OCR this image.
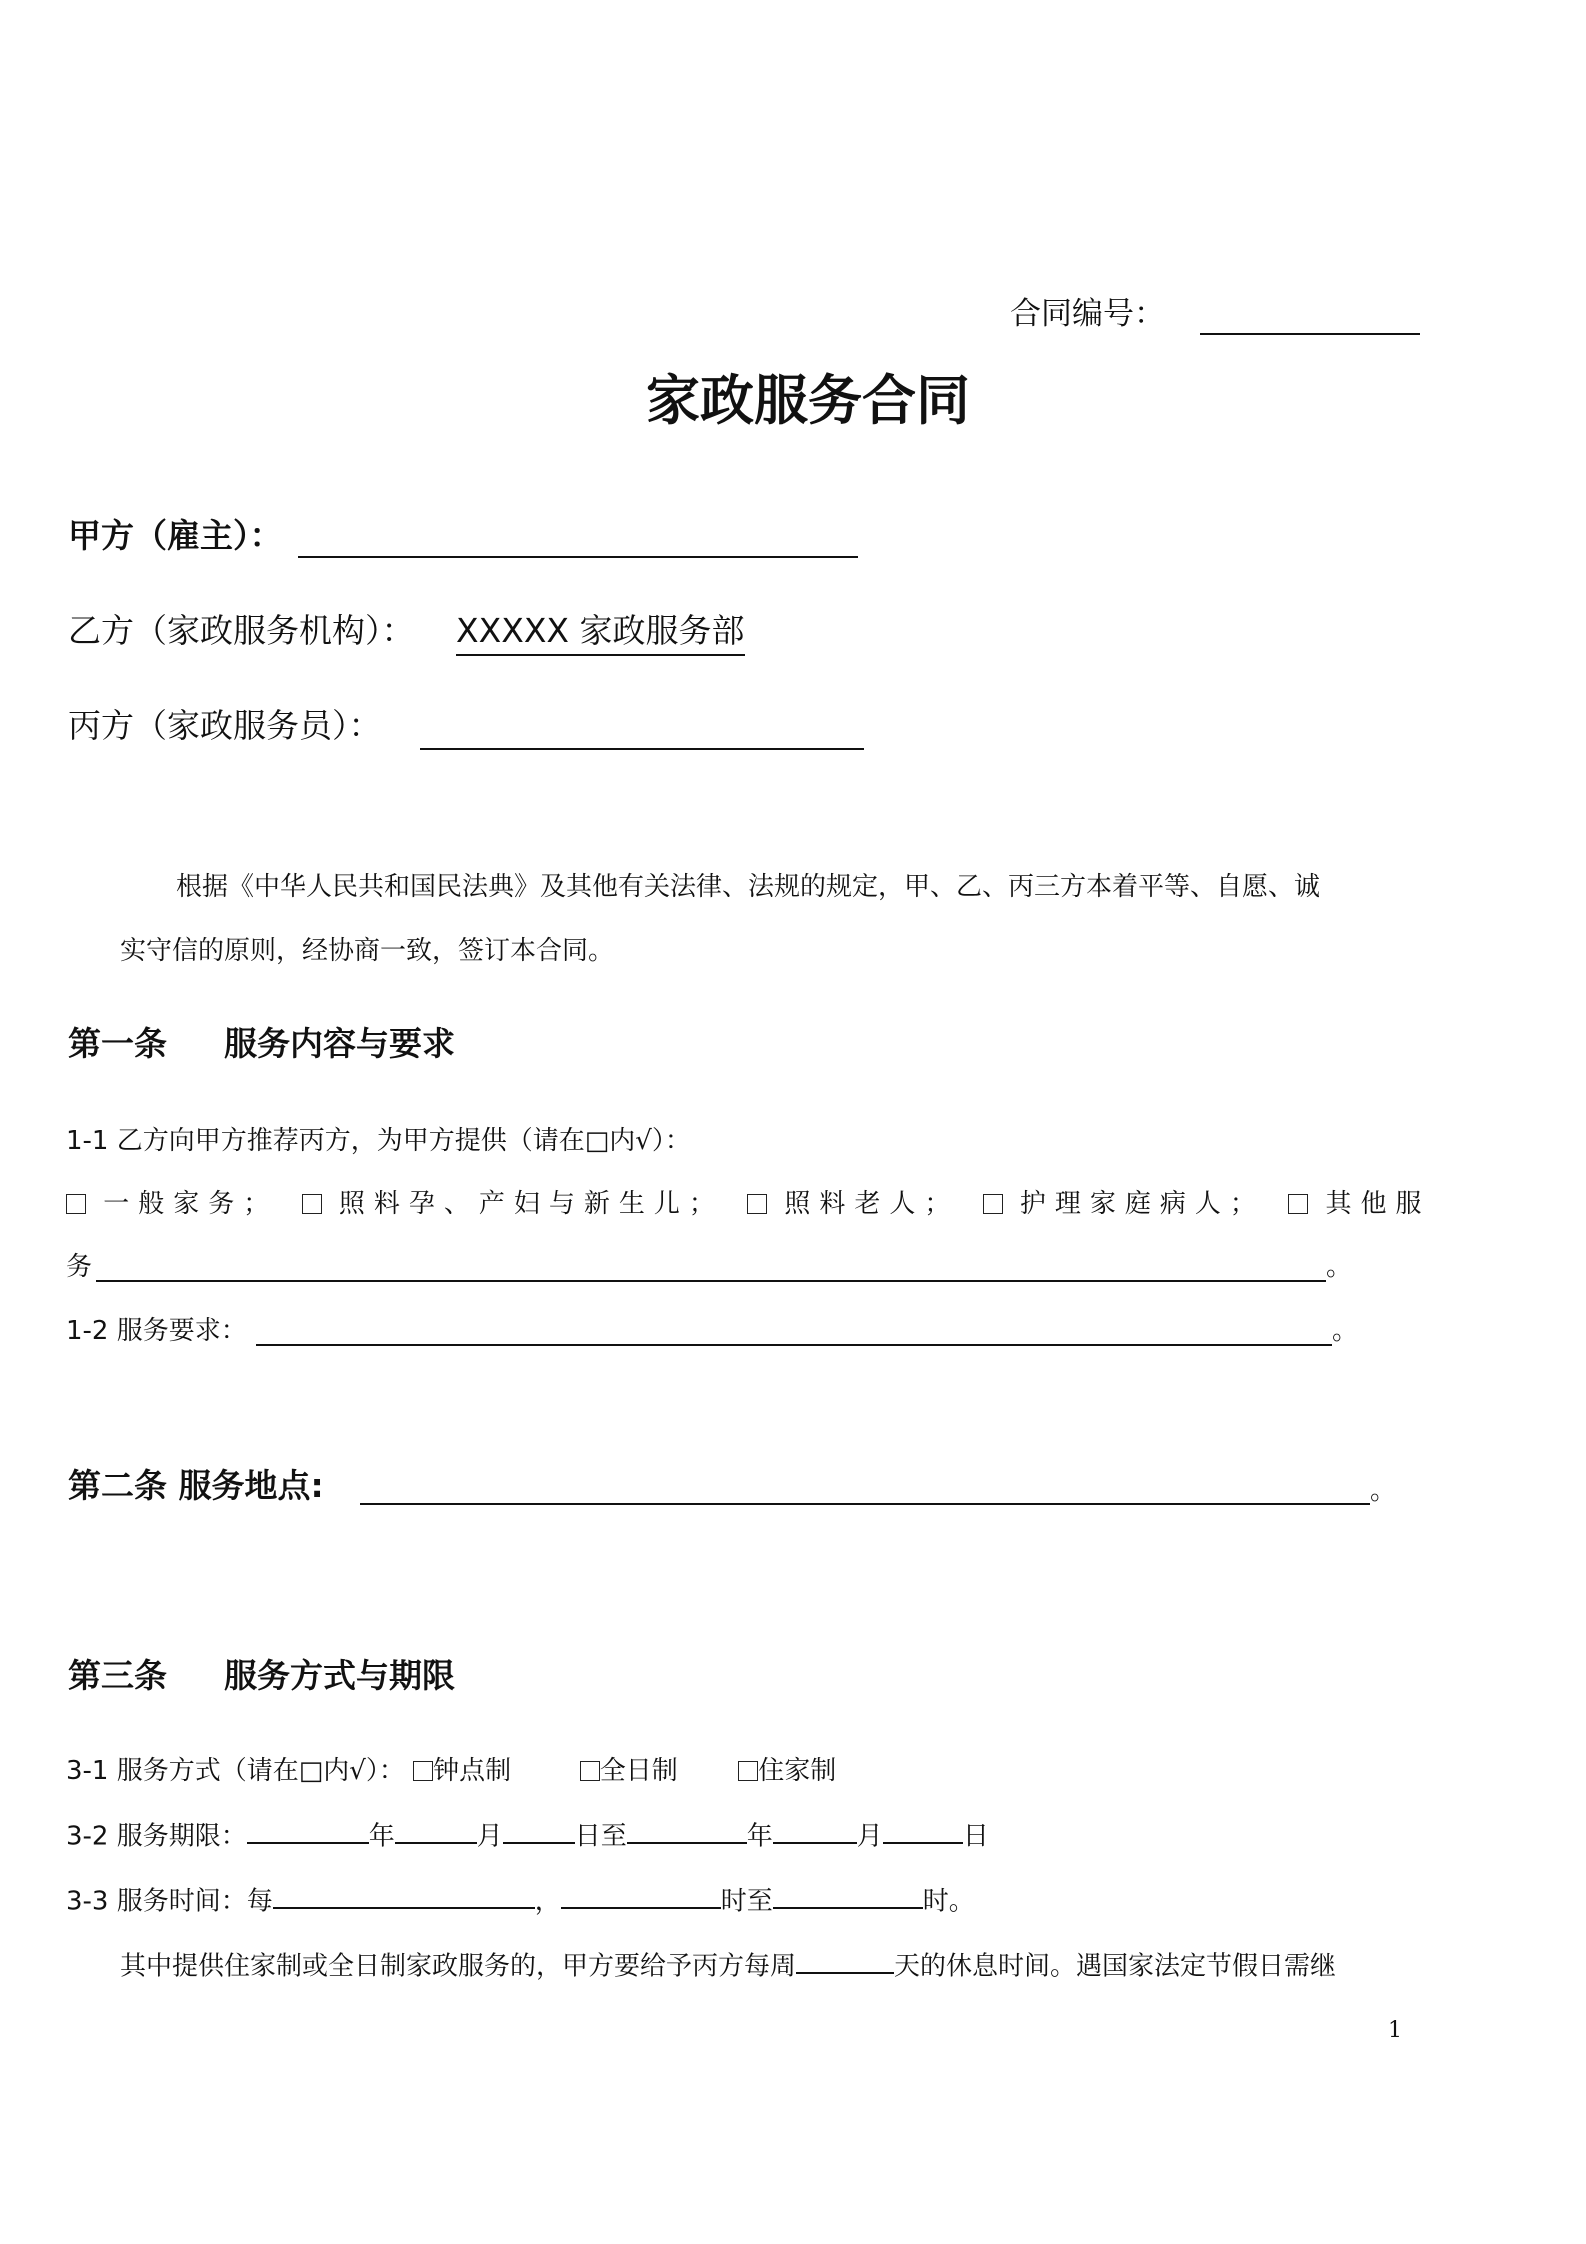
合同编号：
家政服务合同
甲方（雇主）：
乙方（家政服务机构）： XXXXX 家政服务部
丙方（家政服务员）：
根据《中华人民共和国民法典》及其他有关法律、法规的规定，甲、乙、丙三方本着平等、自愿、诚
实守信的原则，经协商一致，签订本合同。
第一条 服务内容与要求
1-1 乙方向甲方推荐丙方，为甲方提供（请在□内√）：
一般家务； 照料孕、产妇与新生儿； 照料老人； 护理家庭病人； 其他服
务	。
1-2 服务要求：	。
第二条 服务地点:	。
第三条 服务方式与期限
3-1 服务方式（请在□内√）： 钟点制	全日制	住家制
3-2 服务期限：	年	月	日至	年	月	日
3-3 服务时间：每	，	时至	时。
其中提供住家制或全日制家政服务的，甲方要给予丙方每周	天的休息时间。遇国家法定节假日需继
1
